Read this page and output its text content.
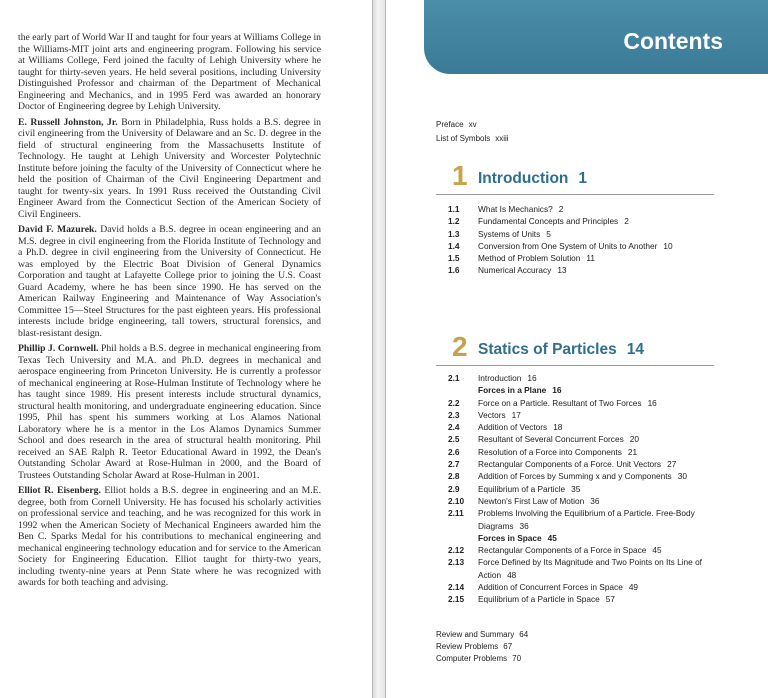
the early part of World War II and taught for four years at Williams College in the Williams-MIT joint arts and engineering program. Following his service at Williams College, Ferd joined the faculty of Lehigh University where he taught for thirty-seven years. He held several positions, including University Distinguished Professor and chairman of the Department of Mechanical Engineering and Mechanics, and in 1995 Ferd was awarded an honorary Doctor of Engineering degree by Lehigh University.

E. Russell Johnston, Jr. Born in Philadelphia, Russ holds a B.S. degree in civil engineering from the University of Delaware and an Sc. D. degree in the field of structural engineering from the Massachusetts Institute of Technology. He taught at Lehigh University and Worcester Polytechnic Institute before joining the faculty of the University of Connecticut where he held the position of Chairman of the Civil Engineering Department and taught for twenty-six years. In 1991 Russ received the Outstanding Civil Engineer Award from the Connecticut Section of the American Society of Civil Engineers.

David F. Mazurek. David holds a B.S. degree in ocean engineering and an M.S. degree in civil engineering from the Florida Institute of Technology and a Ph.D. degree in civil engineering from the University of Connecticut. He was employed by the Electric Boat Division of General Dynamics Corporation and taught at Lafayette College prior to joining the U.S. Coast Guard Academy, where he has been since 1990. He has served on the American Railway Engineering and Maintenance of Way Association's Committee 15—Steel Structures for the past eighteen years. His professional interests include bridge engineering, tall towers, structural forensics, and blast-resistant design.

Phillip J. Cornwell. Phil holds a B.S. degree in mechanical engineering from Texas Tech University and M.A. and Ph.D. degrees in mechanical and aerospace engineering from Princeton University. He is currently a professor of mechanical engineering at Rose-Hulman Institute of Technology where he has taught since 1989. His present interests include structural dynamics, structural health monitoring, and undergraduate engineering education. Since 1995, Phil has spent his summers working at Los Alamos National Laboratory where he is a mentor in the Los Alamos Dynamics Summer School and does research in the area of structural health monitoring. Phil received an SAE Ralph R. Teetor Educational Award in 1992, the Dean's Outstanding Scholar Award at Rose-Hulman in 2000, and the Board of Trustees Outstanding Scholar Award at Rose-Hulman in 2001.

Elliot R. Eisenberg. Elliot holds a B.S. degree in engineering and an M.E. degree, both from Cornell University. He has focused his scholarly activities on professional service and teaching, and he was recognized for this work in 1992 when the American Society of Mechanical Engineers awarded him the Ben C. Sparks Medal for his contributions to mechanical engineering and mechanical engineering technology education and for service to the American Society for Engineering Education. Elliot taught for thirty-two years, including twenty-nine years at Penn State where he was recognized with awards for both teaching and advising.

Contents
Preface xv
List of Symbols xxiii
1 Introduction 1
1.1 What Is Mechanics? 2
1.2 Fundamental Concepts and Principles 2
1.3 Systems of Units 5
1.4 Conversion from One System of Units to Another 10
1.5 Method of Problem Solution 11
1.6 Numerical Accuracy 13
2 Statics of Particles 14
2.1 Introduction 16
Forces in a Plane 16
2.2 Force on a Particle. Resultant of Two Forces 16
2.3 Vectors 17
2.4 Addition of Vectors 18
2.5 Resultant of Several Concurrent Forces 20
2.6 Resolution of a Force into Components 21
2.7 Rectangular Components of a Force. Unit Vectors 27
2.8 Addition of Forces by Summing x and y Components 30
2.9 Equilibrium of a Particle 35
2.10 Newton's First Law of Motion 36
2.11 Problems Involving the Equilibrium of a Particle. Free-Body Diagrams 36
Forces in Space 45
2.12 Rectangular Components of a Force in Space 45
2.13 Force Defined by Its Magnitude and Two Points on Its Line of Action 48
2.14 Addition of Concurrent Forces in Space 49
2.15 Equilibrium of a Particle in Space 57
Review and Summary 64
Review Problems 67
Computer Problems 70
